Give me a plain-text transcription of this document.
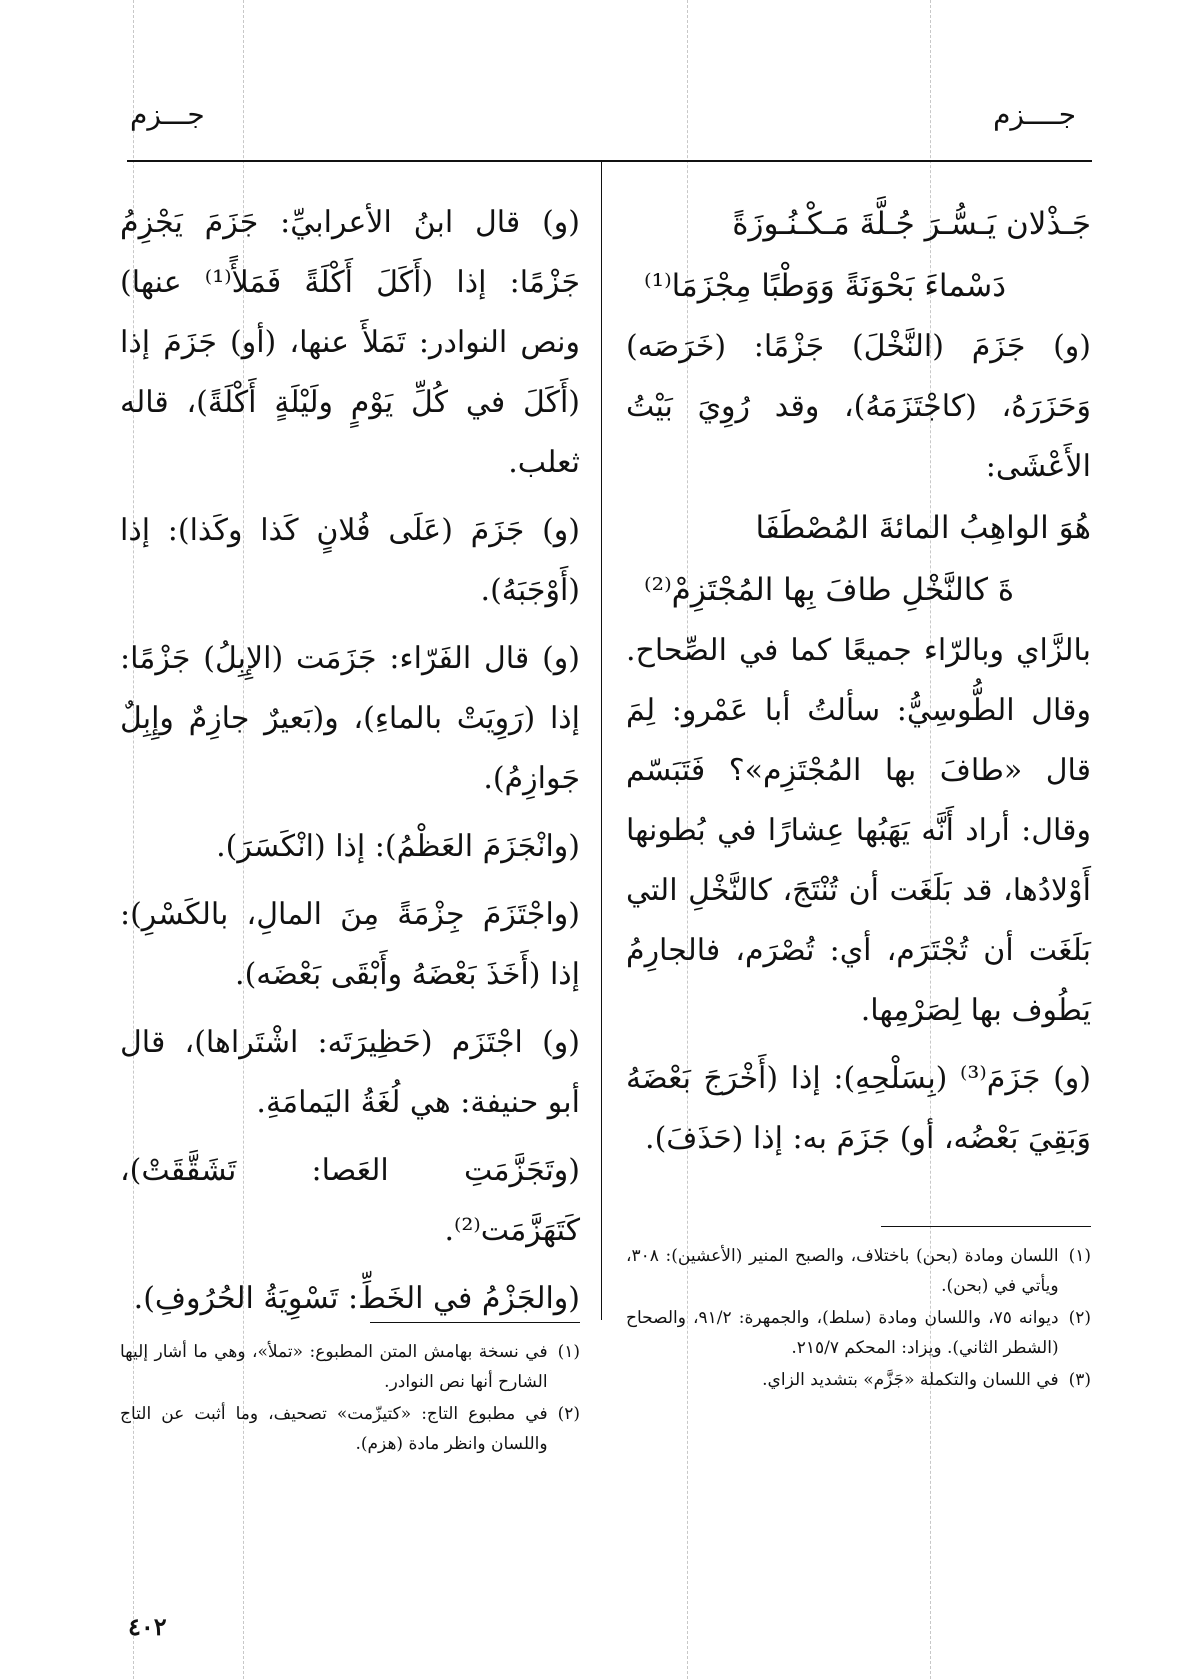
جــــزم
جـــزم
جَـذْلان يَـسُّـرَ جُـلَّةَ مَـكْـنُـوزَةً
دَسْماءَ بَحْوَنَةً وَوَطْبًا مِجْزَمَا⁽¹⁾

(و) جَزَمَ (النَّخْلَ) جَزْمًا: (خَرَصَه) وَحَزَرَهُ، (كاجْتَزَمَهُ)، وقد رُوِيَ بَيْتُ الأَعْشَى:

هُوَ الواهِبُ المائةَ المُصْطَفَا
ةَ كالنَّخْلِ طافَ بِها المُجْتَزِمْ⁽²⁾

بالزَّاي وبالرّاء جميعًا كما في الصِّحاح. وقال الطُّوسِيُّ: سألتُ أبا عَمْرو: لِمَ قال «طافَ بها المُجْتَزِم»؟ فَتَبَسّم وقال: أراد أَنَّه يَهَبُها عِشارًا في بُطونها أَوْلادُها، قد بَلَغَت أن تُنْتَجَ، كالنَّخْلِ التي بَلَغَت أن تُجْتَرَم، أي: تُصْرَم، فالجارِمُ يَطُوف بها لِصَرْمِها.

(و) جَزَمَ⁽³⁾ (بِسَلْحِهِ): إذا (أَخْرَجَ بَعْضَهُ وَبَقِيَ بَعْضُه، أو) جَزَمَ به: إذا (حَذَفَ).

(و) قال ابنُ الأعرابيِّ: جَزَمَ يَجْزِمُ جَزْمًا: إذا (أَكَلَ أَكْلَةً فَمَلأً⁽¹⁾ عنها) ونص النوادر: تَمَلأَ عنها، (أو) جَزَمَ إذا (أَكَلَ في كُلِّ يَوْمٍ ولَيْلَةٍ أَكْلَةً)، قاله ثعلب.

(و) جَزَمَ (عَلَى فُلانٍ كَذا وكَذا): إذا (أَوْجَبَهُ).

(و) قال الفَرّاء: جَزَمَت (الإِبِلُ) جَزْمًا: إذا (رَوِيَتْ بالماءِ)، و(بَعيرٌ جازِمٌ وإِبِلٌ جَوازِمُ).

(وانْجَزَمَ العَظْمُ): إذا (انْكَسَرَ).

(واجْتَزَمَ جِزْمَةً مِنَ المالِ، بالكَسْرِ): إذا (أَخَذَ بَعْضَهُ وأَبْقَى بَعْضَه).

(و) اجْتَزَم (حَظِيرَتَه: اشْتَراها)، قال أبو حنيفة: هي لُغَةُ اليَمامَةِ.

(وتَجَزَّمَتِ العَصا: تَشَقَّقَتْ)، كَتَهَزَّمَت⁽²⁾.

(والجَزْمُ في الخَطِّ: تَسْوِيَةُ الحُرُوفِ).

(١)
اللسان ومادة (بحن) باختلاف، والصبح المنير (الأعشين): ٣٠٨، ويأتي في (بحن).
(٢)
ديوانه ٧٥، واللسان ومادة (سلط)، والجمهرة: ٩١/٢، والصحاح (الشطر الثاني). ويزاد: المحكم ٢١٥/٧.
(٣)
في اللسان والتكملة «جَزَّم» بتشديد الزاي.
(١)
في نسخة بهامش المتن المطبوع: «تملأ»، وهي ما أشار إليها الشارح أنها نص النوادر.
(٢)
في مطبوع التاج: «كتيزّمت» تصحيف، وما أثبت عن التاج واللسان وانظر مادة (هزم).
٤٠٢
